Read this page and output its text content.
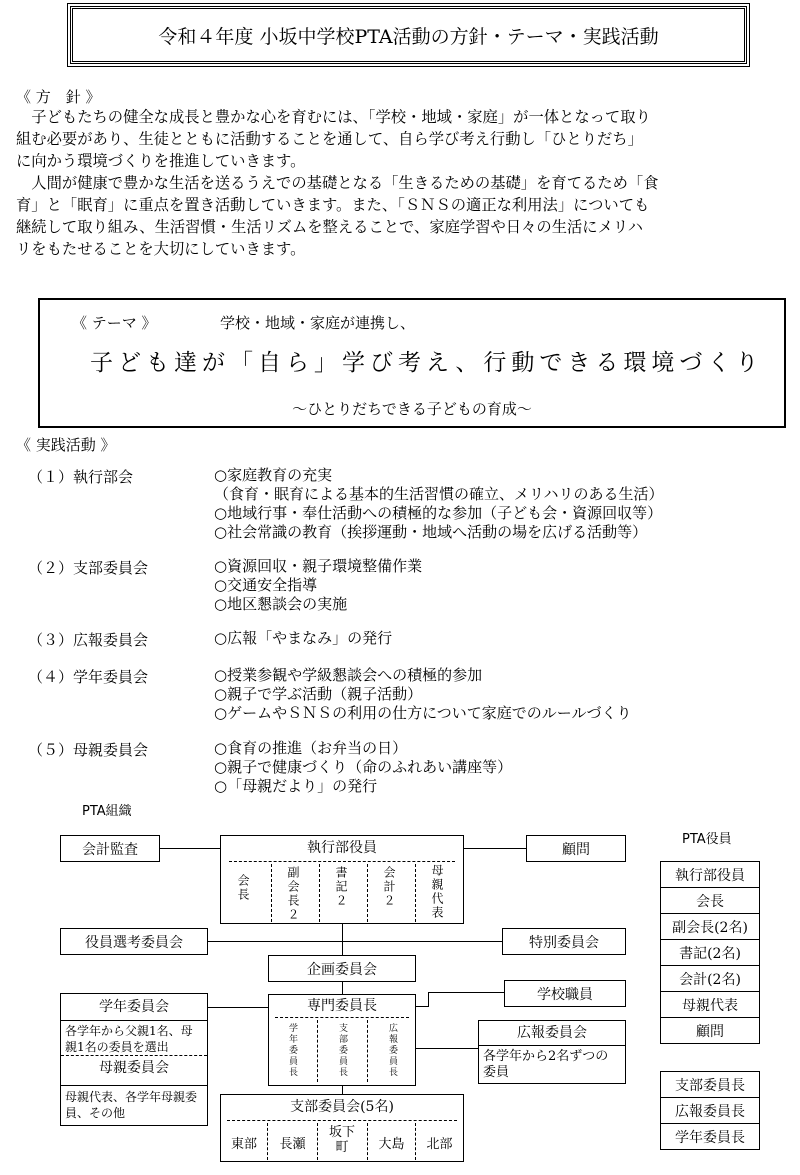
令和４年度 小坂中学校PTA活動の方針・テーマ・実践活動
《 方　針 》
子どもたちの健全な成長と豊かな心を育むには、「学校・地域・家庭」が一体となって取り
組む必要があり、生徒とともに活動することを通して、自ら学び考え行動し「ひとりだち」
に向かう環境づくりを推進していきます。
人間が健康で豊かな生活を送るうえでの基礎となる「生きるための基礎」を育てるため「食
育」と「眠育」に重点を置き活動していきます。また、「ＳＮＳの適正な利用法」についても
継続して取り組み、生活習慣・生活リズムを整えることで、家庭学習や日々の生活にメリハ
リをもたせることを大切にしていきます。
《 テーマ 》	学校・地域・家庭が連携し、
子ども達が「自ら」学び考え、行動できる環境づくり
～ひとりだちできる子どもの育成～
《 実践活動 》
（１）執行部会	○家庭教育の充実
（食育・眠育による基本的生活習慣の確立、メリハリのある生活）
○地域行事・奉仕活動への積極的な参加（子ども会・資源回収等）
○社会常識の教育（挨拶運動・地域へ活動の場を広げる活動等）
（２）支部委員会	○資源回収・親子環境整備作業
○交通安全指導
○地区懇談会の実施
（３）広報委員会	○広報「やまなみ」の発行
（４）学年委員会	○授業参観や学級懇談会への積極的参加
○親子で学ぶ活動（親子活動）
○ゲームやＳＮＳの利用の仕方について家庭でのルールづくり
（５）母親委員会	○食育の推進（お弁当の日）
○親子で健康づくり（命のふれあい講座等）
○「母親だより」の発行
PTA組織
PTA役員
会計監査	顧問
執行部役員
会長	副会長２	書記２	会計２	母親代表
役員選考委員会	特別委員会
企画委員会
学校職員
専門委員長
学年委員長	支部委員長	広報委員長
学年委員会
各学年から父親1名、母親1名の委員を選出
母親委員会
母親代表、各学年母親委員、その他
広報委員会
各学年から2名ずつの委員
支部委員会(5名)
東部	長瀬
坂下町	大島	北部
執行部役員
会長
副会長(2名)
書記(2名)
会計(2名)
母親代表
顧問
支部委員長
広報委員長
学年委員長
